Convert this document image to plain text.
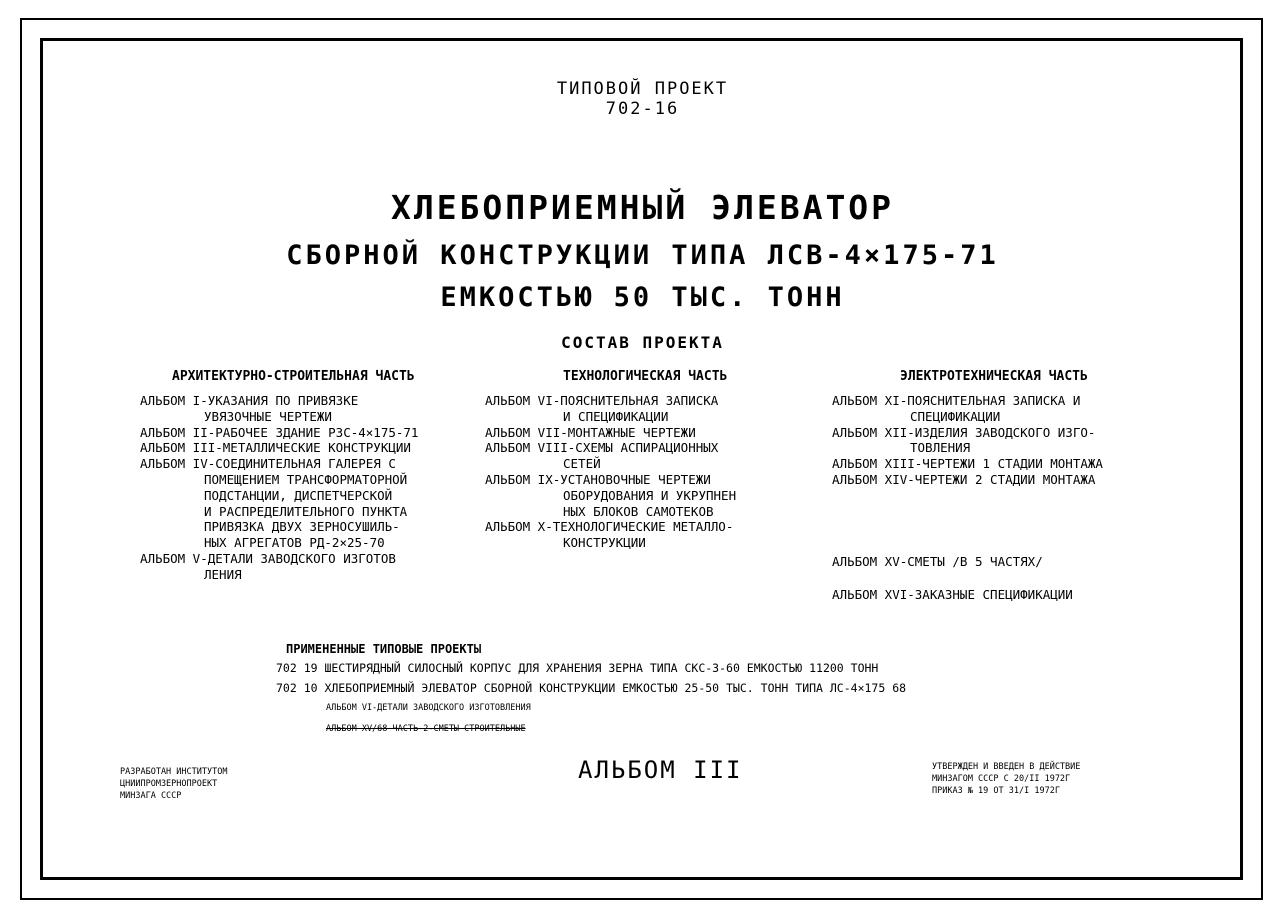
ТИПОВОЙ ПРОЕКТ
702-16
ХЛЕБОПРИЕМНЫЙ ЭЛЕВАТОР
СБОРНОЙ КОНСТРУКЦИИ ТИПА ЛСВ-4×175-71
ЕМКОСТЬЮ 50 ТЫС. ТОНН
СОСТАВ ПРОЕКТА
АРХИТЕКТУРНО-СТРОИТЕЛЬНАЯ ЧАСТЬ
АЛЬБОМ I-УКАЗАНИЯ ПО ПРИВЯЗКЕ
УВЯЗОЧНЫЕ ЧЕРТЕЖИ
АЛЬБОМ II-РАБОЧЕЕ ЗДАНИЕ РЗС-4×175-71
АЛЬБОМ III-МЕТАЛЛИЧЕСКИЕ КОНСТРУКЦИИ
АЛЬБОМ IV-СОЕДИНИТЕЛЬНАЯ ГАЛЕРЕЯ С
ПОМЕЩЕНИЕМ ТРАНСФОРМАТОРНОЙ
ПОДСТАНЦИИ, ДИСПЕТЧЕРСКОЙ
И РАСПРЕДЕЛИТЕЛЬНОГО ПУНКТА
ПРИВЯЗКА ДВУХ ЗЕРНОСУШИЛЬ-
НЫХ АГРЕГАТОВ РД-2×25-70
АЛЬБОМ V-ДЕТАЛИ ЗАВОДСКОГО ИЗГОТОВ
ЛЕНИЯ
ТЕХНОЛОГИЧЕСКАЯ ЧАСТЬ
АЛЬБОМ VI-ПОЯСНИТЕЛЬНАЯ ЗАПИСКА
И СПЕЦИФИКАЦИИ
АЛЬБОМ VII-МОНТАЖНЫЕ ЧЕРТЕЖИ
АЛЬБОМ VIII-СХЕМЫ АСПИРАЦИОННЫХ
СЕТЕЙ
АЛЬБОМ IX-УСТАНОВОЧНЫЕ ЧЕРТЕЖИ
ОБОРУДОВАНИЯ И УКРУПНЕН
НЫХ БЛОКОВ САМОТЕКОВ
АЛЬБОМ X-ТЕХНОЛОГИЧЕСКИЕ МЕТАЛЛО-
КОНСТРУКЦИИ
ЭЛЕКТРОТЕХНИЧЕСКАЯ ЧАСТЬ
АЛЬБОМ XI-ПОЯСНИТЕЛЬНАЯ ЗАПИСКА И
СПЕЦИФИКАЦИИ
АЛЬБОМ XII-ИЗДЕЛИЯ ЗАВОДСКОГО ИЗГО-
ТОВЛЕНИЯ
АЛЬБОМ XIII-ЧЕРТЕЖИ 1 СТАДИИ МОНТАЖА
АЛЬБОМ XIV-ЧЕРТЕЖИ 2 СТАДИИ МОНТАЖА
АЛЬБОМ XV-СМЕТЫ /В 5 ЧАСТЯХ/
АЛЬБОМ XVI-ЗАКАЗНЫЕ СПЕЦИФИКАЦИИ
ПРИМЕНЕННЫЕ ТИПОВЫЕ ПРОЕКТЫ
702 19 ШЕСТИРЯДНЫЙ СИЛОСНЫЙ КОРПУС ДЛЯ ХРАНЕНИЯ ЗЕРНА ТИПА СКС-3-60 ЕМКОСТЬЮ 11200 ТОНН
702 10 ХЛЕБОПРИЕМНЫЙ ЭЛЕВАТОР СБОРНОЙ КОНСТРУКЦИИ ЕМКОСТЬЮ 25-50 ТЫС. ТОНН ТИПА ЛС-4×175 68
АЛЬБОМ VI-ДЕТАЛИ ЗАВОДСКОГО ИЗГОТОВЛЕНИЯ
АЛЬБОМ XV/68 ЧАСТЬ 2-СМЕТЫ СТРОИТЕЛЬНЫЕ
РАЗРАБОТАН ИНСТИТУТОМ
ЦНИИПРОМЗЕРНОПРОЕКТ
МИНЗАГА СССР
АЛЬБОМ III	УТВЕРЖДЕН И ВВЕДЕН В ДЕЙСТВИЕ
МИНЗАГОМ СССР С 20/II 1972Г
ПРИКАЗ № 19 ОТ 31/I 1972Г
